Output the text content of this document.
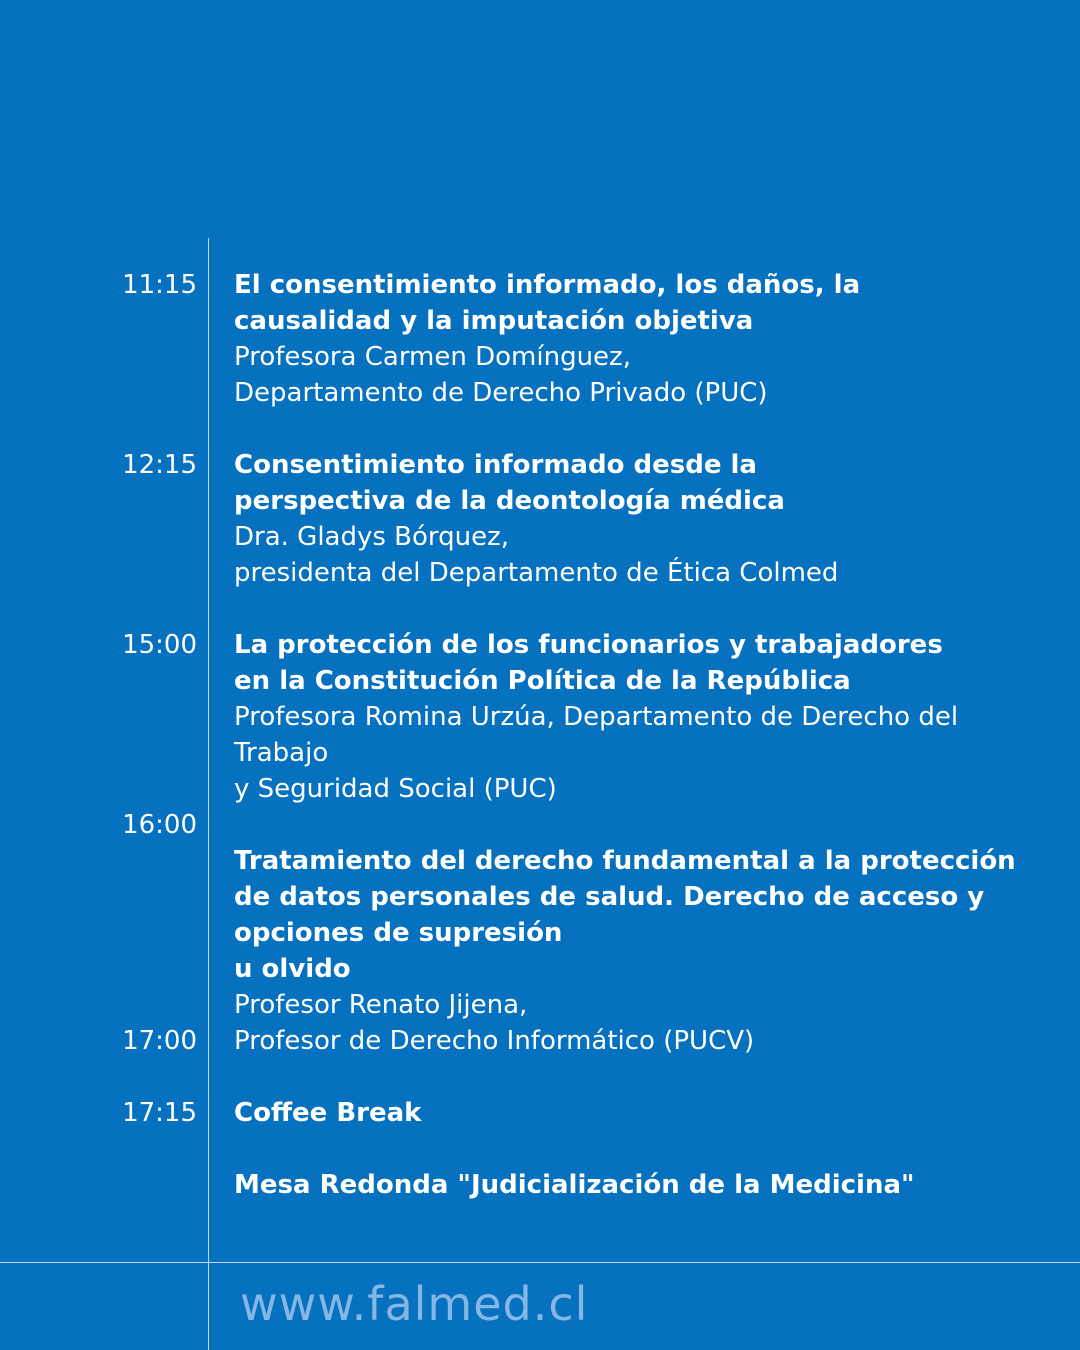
11:15 El consentimiento informado, los daños, la
causalidad y la imputación objetiva
Profesora Carmen Domínguez,
Departamento de Derecho Privado (PUC)
12:15 Consentimiento informado desde la
perspectiva de la deontología médica
Dra. Gladys Bórquez,
presidenta del Departamento de Ética Colmed
15:00 La protección de los funcionarios y trabajadores
en la Constitución Política de la República
Profesora Romina Urzúa, Departamento de Derecho del
Trabajo
y Seguridad Social (PUC)
16:00
Tratamiento del derecho fundamental a la protección
de datos personales de salud. Derecho de acceso y
opciones de supresión
u olvido
Profesor Renato Jijena,
Profesor de Derecho Informático (PUCV)
17:00
Coffee Break
17:15
Mesa Redonda "Judicialización de la Medicina"
www.falmed.cl
